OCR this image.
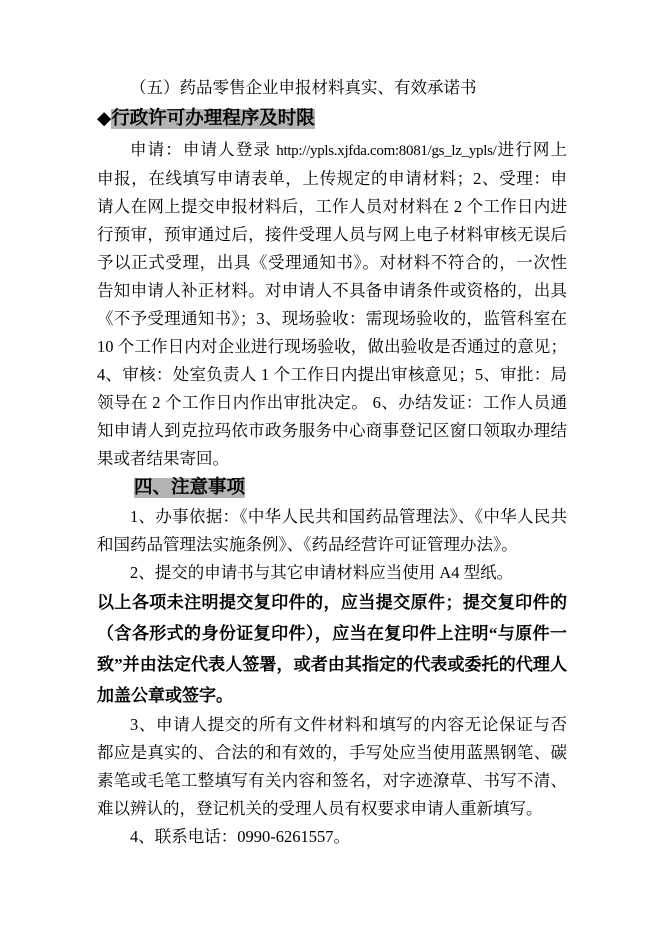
（五）药品零售企业申报材料真实、有效承诺书

◆行政许可办理程序及时限

申请：申请人登录 http://ypls.xjfda.com:8081/gs_lz_ypls/进行网上申报，在线填写申请表单，上传规定的申请材料；2、受理：申请人在网上提交申报材料后，工作人员对材料在 2 个工作日内进行预审，预审通过后，接件受理人员与网上电子材料审核无误后予以正式受理，出具《受理通知书》。对材料不符合的，一次性告知申请人补正材料。对申请人不具备申请条件或资格的，出具《不予受理通知书》；3、现场验收：需现场验收的，监管科室在 10 个工作日内对企业进行现场验收，做出验收是否通过的意见；4、审核：处室负责人 1 个工作日内提出审核意见；5、审批：局领导在 2 个工作日内作出审批决定。 6、办结发证：工作人员通知申请人到克拉玛依市政务服务中心商事登记区窗口领取办理结果或者结果寄回。

四、注意事项

1、办事依据：《中华人民共和国药品管理法》、《中华人民共和国药品管理法实施条例》、《药品经营许可证管理办法》。

2、提交的申请书与其它申请材料应当使用 A4 型纸。

以上各项未注明提交复印件的，应当提交原件；提交复印件的（含各形式的身份证复印件），应当在复印件上注明“与原件一致”并由法定代表人签署，或者由其指定的代表或委托的代理人加盖公章或签字。

3、申请人提交的所有文件材料和填写的内容无论保证与否都应是真实的、合法的和有效的，手写处应当使用蓝黑钢笔、碳素笔或毛笔工整填写有关内容和签名，对字迹潦草、书写不清、难以辨认的，登记机关的受理人员有权要求申请人重新填写。

4、联系电话：0990-6261557。
